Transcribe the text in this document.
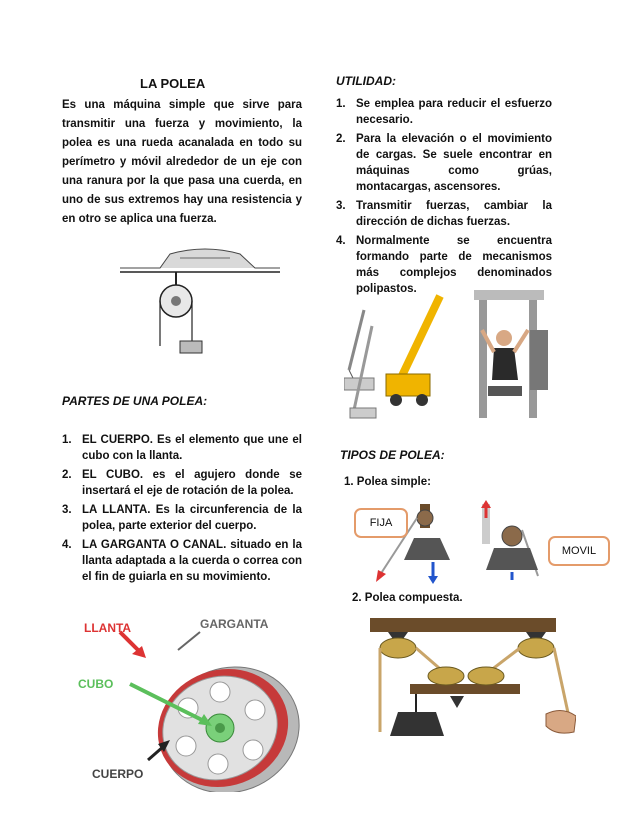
LA POLEA
Es una máquina simple que sirve para transmitir una fuerza y movimiento, la polea es una rueda acanalada en todo su perímetro y móvil alrededor de un eje con una ranura por la que pasa una cuerda, en uno de sus extremos hay una resistencia y en otro se aplica una fuerza.
PARTES DE UNA POLEA:
1. EL CUERPO. Es el elemento que une el cubo con la llanta.
2. EL CUBO. es el agujero donde se insertará el eje de rotación de la polea.
3. LA LLANTA. Es la circunferencia de la polea, parte exterior del cuerpo.
4. LA GARGANTA O CANAL. situado en la llanta adaptada a la cuerda o correa con el fin de guiarla en su movimiento.
LLANTA	GARGANTA
CUBO
CUERPO
UTILIDAD:
1. Se emplea para reducir el esfuerzo necesario.
2. Para la elevación o el movimiento de cargas. Se suele encontrar en máquinas como grúas, montacargas, ascensores.
3. Transmitir fuerzas, cambiar la dirección de dichas fuerzas.
4. Normalmente se encuentra formando parte de mecanismos más complejos denominados polipastos.
TIPOS DE POLEA:
1. Polea simple:
FIJA
MOVIL
2. Polea compuesta.
